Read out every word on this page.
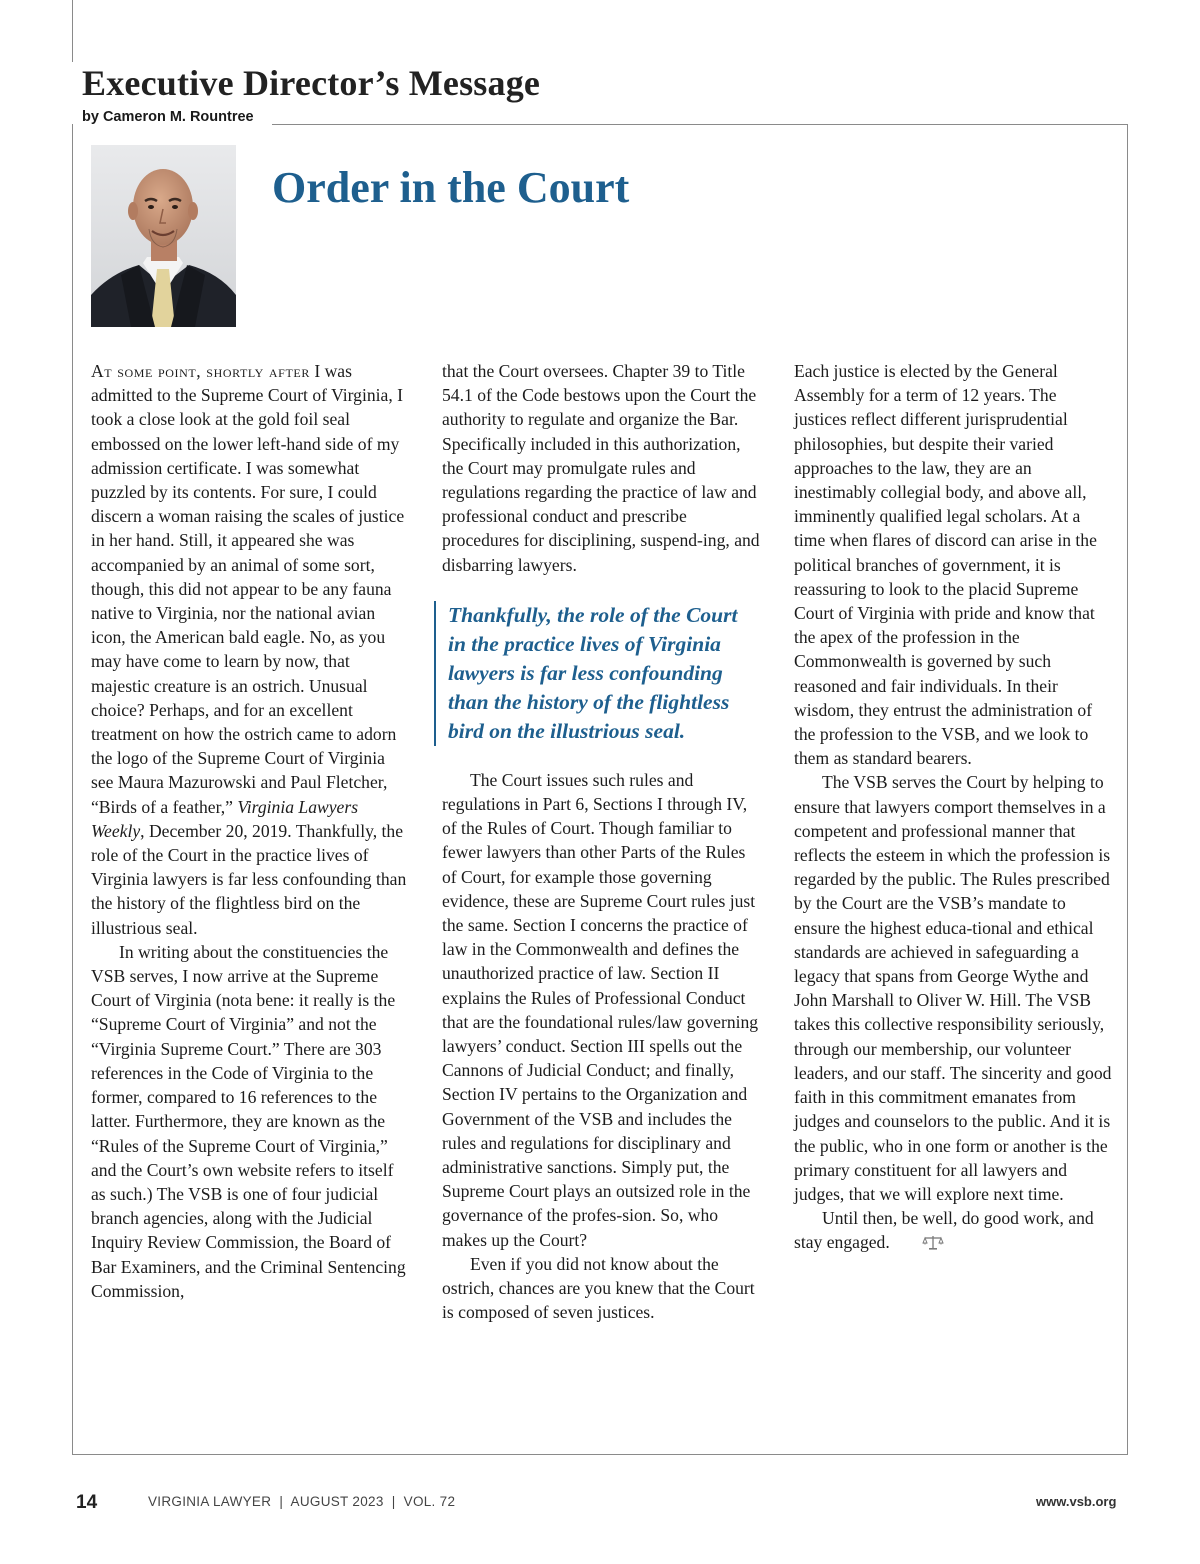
Executive Director’s Message
by Cameron M. Rountree
Order in the Court

At some point, shortly after I was admitted to the Supreme Court of Virginia, I took a close look at the gold foil seal embossed on the lower left-hand side of my admission certificate. I was somewhat puzzled by its contents. For sure, I could discern a woman raising the scales of justice in her hand. Still, it appeared she was accompanied by an animal of some sort, though, this did not appear to be any fauna native to Virginia, nor the national avian icon, the American bald eagle. No, as you may have come to learn by now, that majestic creature is an ostrich. Unusual choice? Perhaps, and for an excellent treatment on how the ostrich came to adorn the logo of the Supreme Court of Virginia see Maura Mazurowski and Paul Fletcher, “Birds of a feather,” Virginia Lawyers Weekly, December 20, 2019. Thankfully, the role of the Court in the practice lives of Virginia lawyers is far less confounding than the history of the flightless bird on the illustrious seal.

In writing about the constituencies the VSB serves, I now arrive at the Supreme Court of Virginia (nota bene: it really is the “Supreme Court of Virginia” and not the “Virginia Supreme Court.” There are 303 references in the Code of Virginia to the former, compared to 16 references to the latter. Furthermore, they are known as the “Rules of the Supreme Court of Virginia,” and the Court’s own website refers to itself as such.) The VSB is one of four judicial branch agencies, along with the Judicial Inquiry Review Commission, the Board of Bar Examiners, and the Criminal Sentencing Commission,

that the Court oversees. Chapter 39 to Title 54.1 of the Code bestows upon the Court the authority to regulate and organize the Bar. Specifically included in this authorization, the Court may promulgate rules and regulations regarding the practice of law and professional conduct and prescribe procedures for disciplining, suspend-ing, and disbarring lawyers.

Thankfully, the role of the Court in the practice lives of Virginia lawyers is far less confounding than the history of the flightless bird on the illustrious seal.

The Court issues such rules and regulations in Part 6, Sections I through IV, of the Rules of Court. Though familiar to fewer lawyers than other Parts of the Rules of Court, for example those governing evidence, these are Supreme Court rules just the same. Section I concerns the practice of law in the Commonwealth and defines the unauthorized practice of law. Section II explains the Rules of Professional Conduct that are the foundational rules/law governing lawyers’ conduct. Section III spells out the Cannons of Judicial Conduct; and finally, Section IV pertains to the Organization and Government of the VSB and includes the rules and regulations for disciplinary and administrative sanctions. Simply put, the Supreme Court plays an outsized role in the governance of the profes-sion. So, who makes up the Court?

Even if you did not know about the ostrich, chances are you knew that the Court is composed of seven justices.

Each justice is elected by the General Assembly for a term of 12 years. The justices reflect different jurisprudential philosophies, but despite their varied approaches to the law, they are an inestimably collegial body, and above all, imminently qualified legal scholars. At a time when flares of discord can arise in the political branches of government, it is reassuring to look to the placid Supreme Court of Virginia with pride and know that the apex of the profession in the Commonwealth is governed by such reasoned and fair individuals. In their wisdom, they entrust the administration of the profession to the VSB, and we look to them as standard bearers.

The VSB serves the Court by helping to ensure that lawyers comport themselves in a competent and professional manner that reflects the esteem in which the profession is regarded by the public. The Rules prescribed by the Court are the VSB’s mandate to ensure the highest educa-tional and ethical standards are achieved in safeguarding a legacy that spans from George Wythe and John Marshall to Oliver W. Hill. The VSB takes this collective responsibility seriously, through our membership, our volunteer leaders, and our staff. The sincerity and good faith in this commitment emanates from judges and counselors to the public. And it is the public, who in one form or another is the primary constituent for all lawyers and judges, that we will explore next time.

Until then, be well, do good work, and stay engaged.

14	VIRGINIA LAWYER  |  AUGUST 2023  |  VOL. 72	www.vsb.org
